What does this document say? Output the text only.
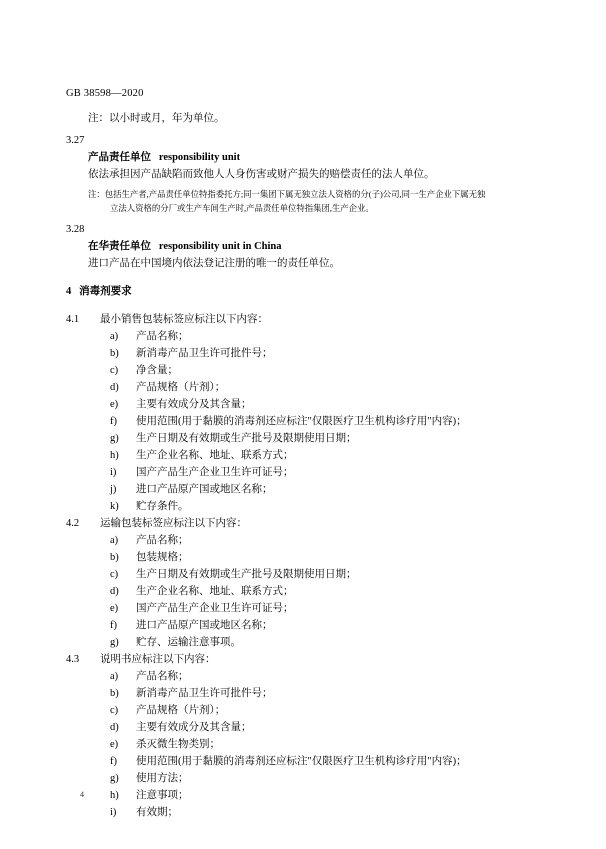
GB 38598—2020
注：以小时或月，年为单位。
3.27
产品责任单位 responsibility unit
依法承担因产品缺陷而致他人人身伤害或财产损失的赔偿责任的法人单位。
注：包括生产者,产品责任单位特指委托方;同一集团下属无独立法人资格的分(子)公司,同一生产企业下属无独
立法人资格的分厂或生产车间生产时,产品责任单位特指集团,生产企业。
3.28
在华责任单位 responsibility unit in China
进口产品在中国境内依法登记注册的唯一的责任单位。
4 消毒剂要求
4.1 最小销售包装标签应标注以下内容：
a) 产品名称；
b) 新消毒产品卫生许可批件号；
c) 净含量；
d) 产品规格（片剂）；
e) 主要有效成分及其含量；
f) 使用范围(用于黏膜的消毒剂还应标注"仅限医疗卫生机构诊疗用"内容)；
g) 生产日期及有效期或生产批号及限期使用日期；
h) 生产企业名称、地址、联系方式；
i) 国产产品生产企业卫生许可证号；
j) 进口产品原产国或地区名称；
k) 贮存条件。
4.2 运输包装标签应标注以下内容：
a) 产品名称；
b) 包装规格；
c) 生产日期及有效期或生产批号及限期使用日期；
d) 生产企业名称、地址、联系方式；
e) 国产产品生产企业卫生许可证号；
f) 进口产品原产国或地区名称；
g) 贮存、运输注意事项。
4.3 说明书应标注以下内容：
a) 产品名称；
b) 新消毒产品卫生许可批件号；
c) 产品规格（片剂）；
d) 主要有效成分及其含量；
e) 杀灭微生物类别；
f) 使用范围(用于黏膜的消毒剂还应标注"仅限医疗卫生机构诊疗用"内容)；
g) 使用方法；
h) 注意事项；
i) 有效期；
4
